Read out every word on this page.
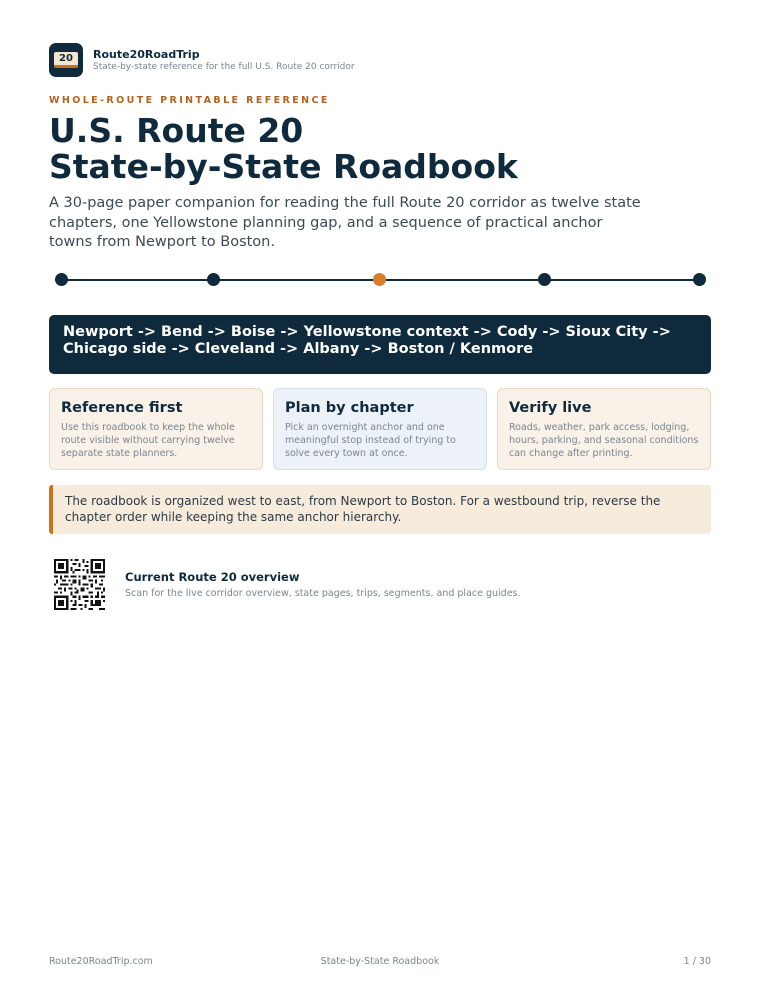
20	Route20RoadTrip
State-by-state reference for the full U.S. Route 20 corridor
WHOLE-ROUTE PRINTABLE REFERENCE
U.S. Route 20
State-by-State Roadbook

A 30-page paper companion for reading the full Route 20 corridor as twelve state chapters, one Yellowstone planning gap, and a sequence of practical anchor towns from Newport to Boston.

Newport -> Bend -> Boise -> Yellowstone context -> Cody -> Sioux City -> Chicago side -> Cleveland -> Albany -> Boston / Kenmore
Reference first
Use this roadbook to keep the whole route visible without carrying twelve separate state planners.
Plan by chapter
Pick an overnight anchor and one meaningful stop instead of trying to solve every town at once.
Verify live
Roads, weather, park access, lodging, hours, parking, and seasonal conditions can change after printing.
The roadbook is organized west to east, from Newport to Boston. For a westbound trip, reverse the chapter order while keeping the same anchor hierarchy.
Current Route 20 overview
Scan for the live corridor overview, state pages, trips, segments, and place guides.
Route20RoadTrip.com	State-by-State Roadbook	1 / 30
